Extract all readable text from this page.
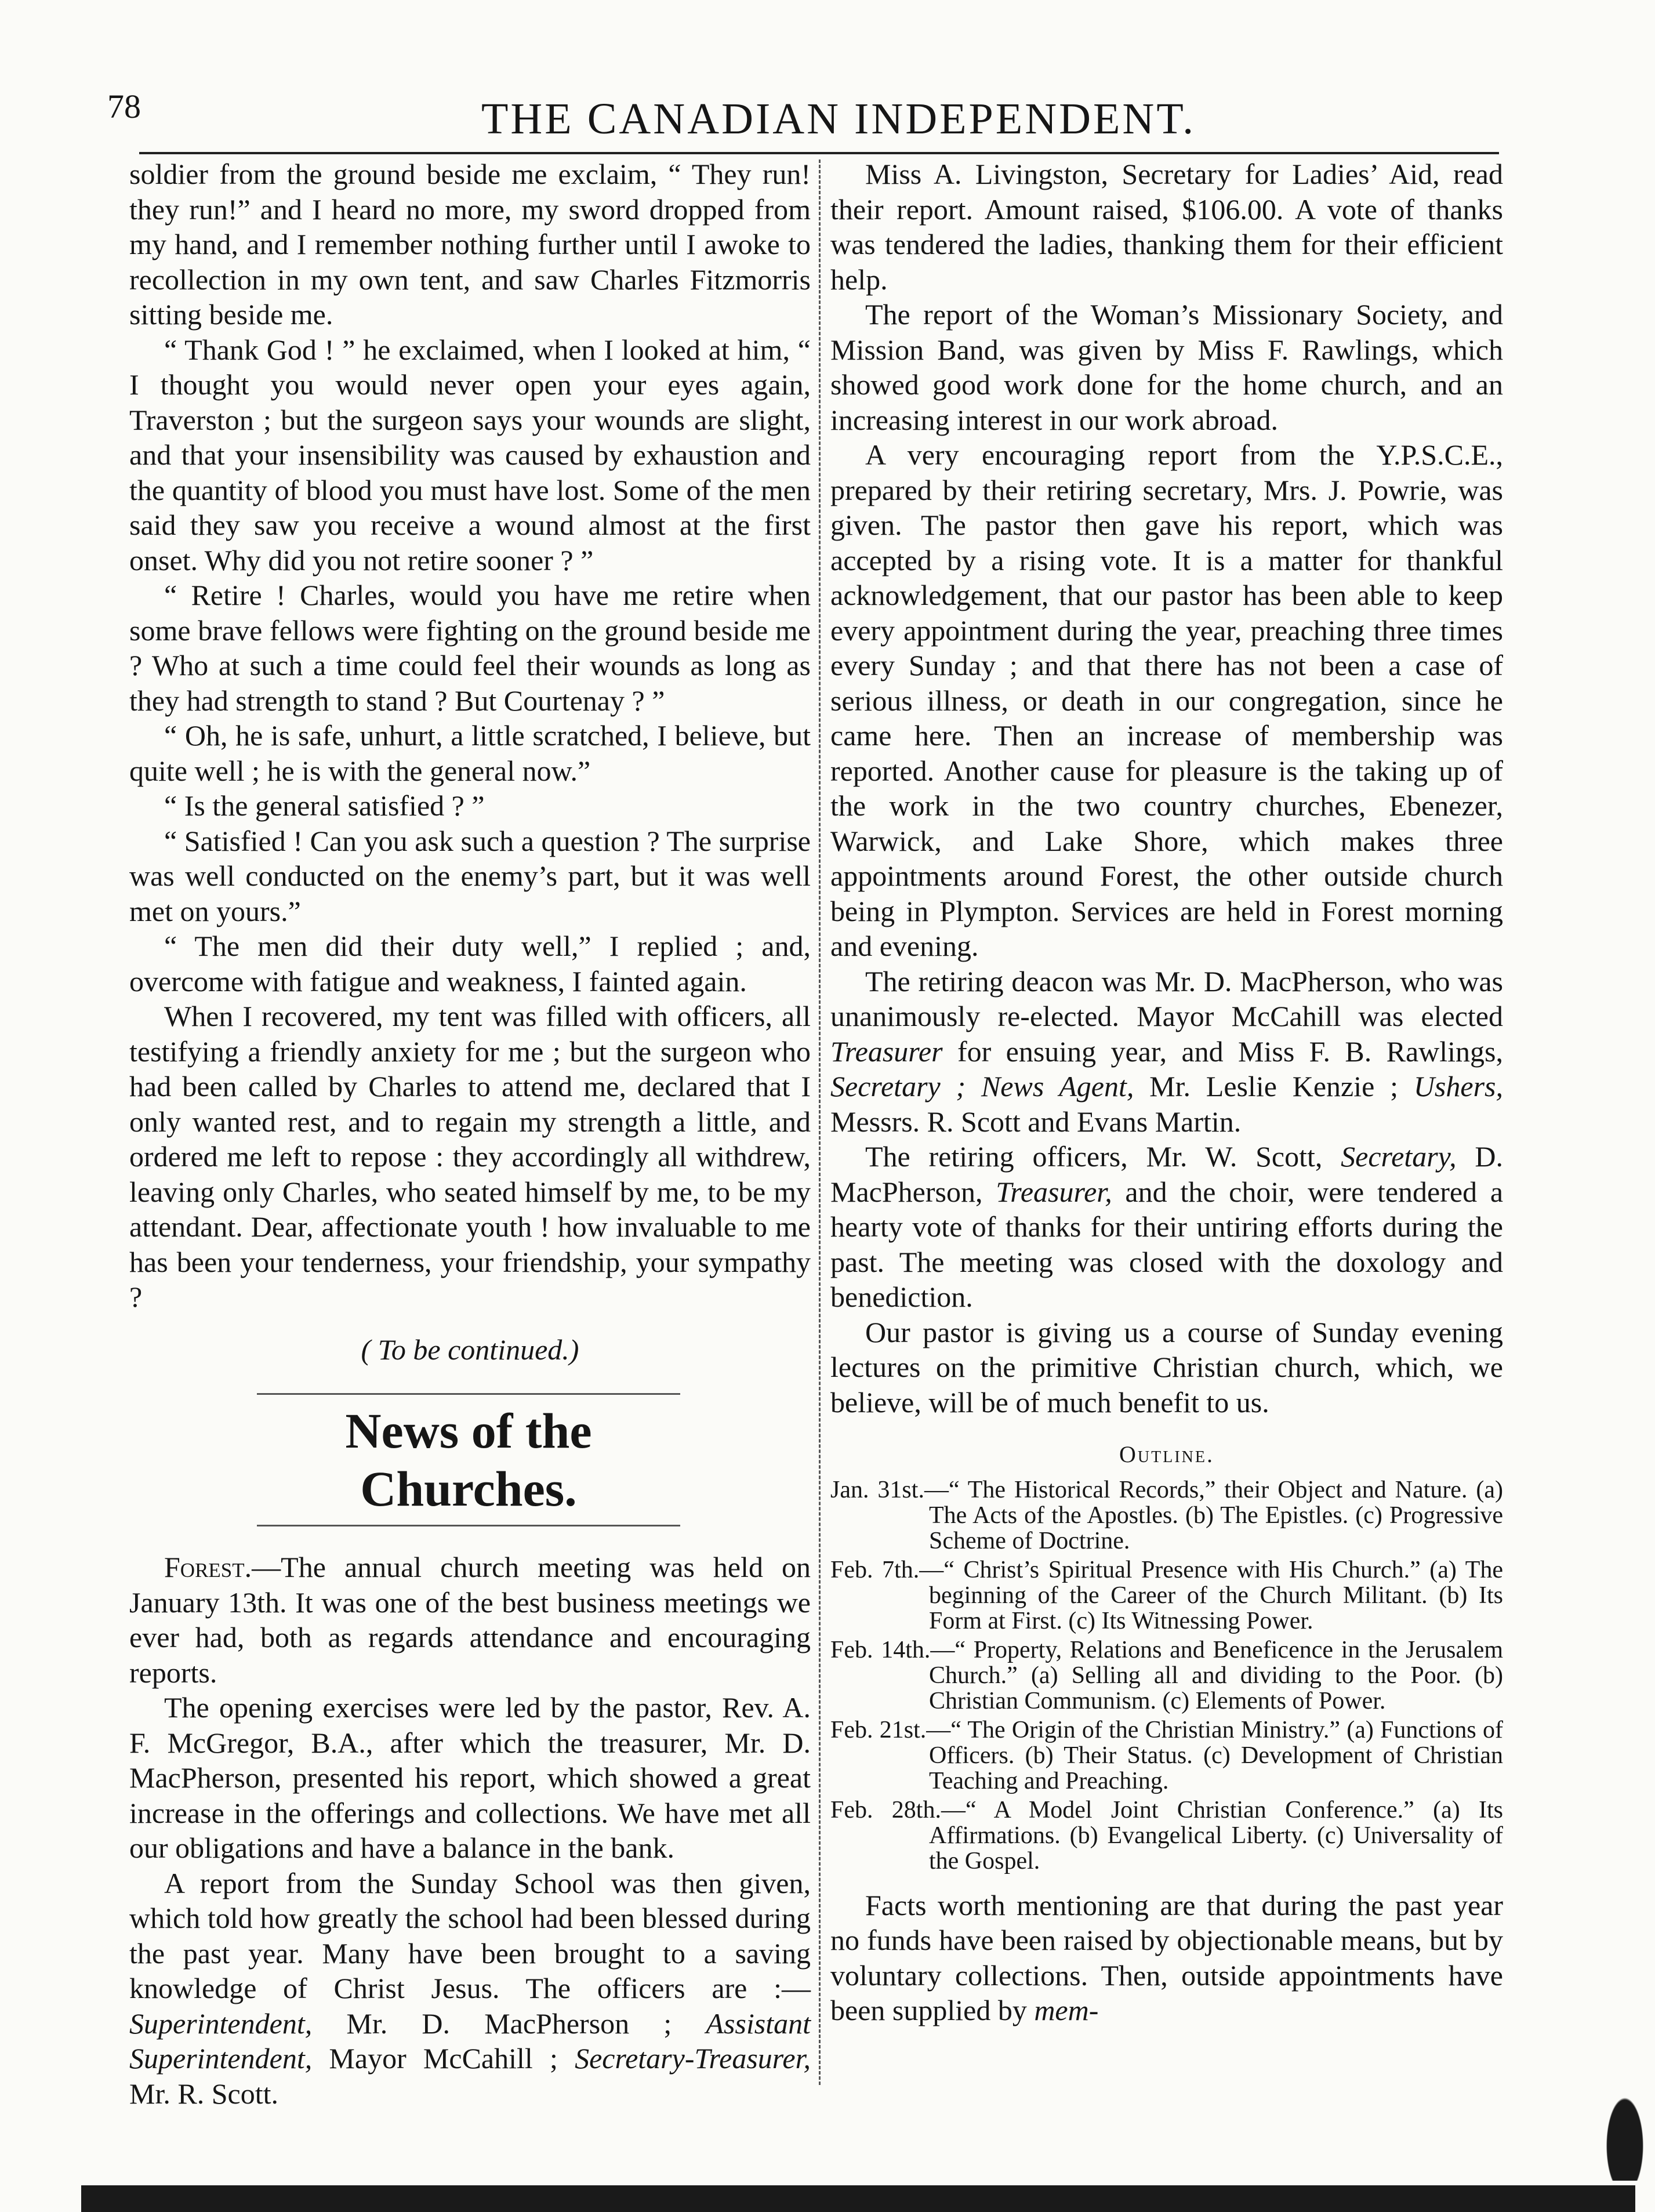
78	THE CANADIAN INDEPENDENT.

soldier from the ground beside me exclaim, “ They run! they run!” and I heard no more, my sword dropped from my hand, and I remember nothing further until I awoke to recollection in my own tent, and saw Charles Fitzmorris sitting beside me.

“ Thank God ! ” he exclaimed, when I looked at him, “ I thought you would never open your eyes again, Traverston ; but the surgeon says your wounds are slight, and that your insensibility was caused by exhaustion and the quantity of blood you must have lost. Some of the men said they saw you receive a wound almost at the first onset. Why did you not retire sooner ? ”

“ Retire ! Charles, would you have me retire when some brave fellows were fighting on the ground beside me ? Who at such a time could feel their wounds as long as they had strength to stand ? But Courtenay ? ”

“ Oh, he is safe, unhurt, a little scratched, I believe, but quite well ; he is with the general now.”

“ Is the general satisfied ? ”

“ Satisfied ! Can you ask such a question ? The surprise was well conducted on the enemy’s part, but it was well met on yours.”

“ The men did their duty well,” I replied ; and, overcome with fatigue and weakness, I fainted again.

When I recovered, my tent was filled with officers, all testifying a friendly anxiety for me ; but the surgeon who had been called by Charles to attend me, declared that I only wanted rest, and to regain my strength a little, and ordered me left to repose : they accordingly all withdrew, leaving only Charles, who seated himself by me, to be my attendant. Dear, affectionate youth ! how invaluable to me has been your tenderness, your friendship, your sympathy ?

( To be continued.)

News of the Churches.

Forest.—The annual church meeting was held on January 13th. It was one of the best business meetings we ever had, both as regards attendance and encouraging reports.

The opening exercises were led by the pastor, Rev. A. F. McGregor, B.A., after which the treasurer, Mr. D. MacPherson, presented his report, which showed a great increase in the offerings and collections. We have met all our obligations and have a balance in the bank.

A report from the Sunday School was then given, which told how greatly the school had been blessed during the past year. Many have been brought to a saving knowledge of Christ Jesus. The officers are :—Superintendent, Mr. D. MacPherson ; Assistant Superintendent, Mayor McCahill ; Secretary-Treasurer, Mr. R. Scott.

Miss A. Livingston, Secretary for Ladies’ Aid, read their report. Amount raised, $106.00. A vote of thanks was tendered the ladies, thanking them for their efficient help.

The report of the Woman’s Missionary Society, and Mission Band, was given by Miss F. Rawlings, which showed good work done for the home church, and an increasing interest in our work abroad.

A very encouraging report from the Y.P.S.C.E., prepared by their retiring secretary, Mrs. J. Powrie, was given. The pastor then gave his report, which was accepted by a rising vote. It is a matter for thankful acknowledgement, that our pastor has been able to keep every appointment during the year, preaching three times every Sunday ; and that there has not been a case of serious illness, or death in our congregation, since he came here. Then an increase of membership was reported. Another cause for pleasure is the taking up of the work in the two country churches, Ebenezer, Warwick, and Lake Shore, which makes three appointments around Forest, the other outside church being in Plympton. Services are held in Forest morning and evening.

The retiring deacon was Mr. D. MacPherson, who was unanimously re-elected. Mayor McCahill was elected Treasurer for ensuing year, and Miss F. B. Rawlings, Secretary ; News Agent, Mr. Leslie Kenzie ; Ushers, Messrs. R. Scott and Evans Martin.

The retiring officers, Mr. W. Scott, Secretary, D. MacPherson, Treasurer, and the choir, were tendered a hearty vote of thanks for their untiring efforts during the past. The meeting was closed with the doxology and benediction.

Our pastor is giving us a course of Sunday evening lectures on the primitive Christian church, which, we believe, will be of much benefit to us.

Outline.
Jan. 31st.—“ The Historical Records,” their Object and Nature. (a) The Acts of the Apostles. (b) The Epistles. (c) Progressive Scheme of Doctrine.
Feb. 7th.—“ Christ’s Spiritual Presence with His Church.” (a) The beginning of the Career of the Church Militant. (b) Its Form at First. (c) Its Witnessing Power.
Feb. 14th.—“ Property, Relations and Beneficence in the Jerusalem Church.” (a) Selling all and dividing to the Poor. (b) Christian Communism. (c) Elements of Power.
Feb. 21st.—“ The Origin of the Christian Ministry.” (a) Functions of Officers. (b) Their Status. (c) Development of Christian Teaching and Preaching.
Feb. 28th.—“ A Model Joint Christian Conference.” (a) Its Affirmations. (b) Evangelical Liberty. (c) Universality of the Gospel.

Facts worth mentioning are that during the past year no funds have been raised by objectionable means, but by voluntary collections. Then, outside appointments have been supplied by mem-
